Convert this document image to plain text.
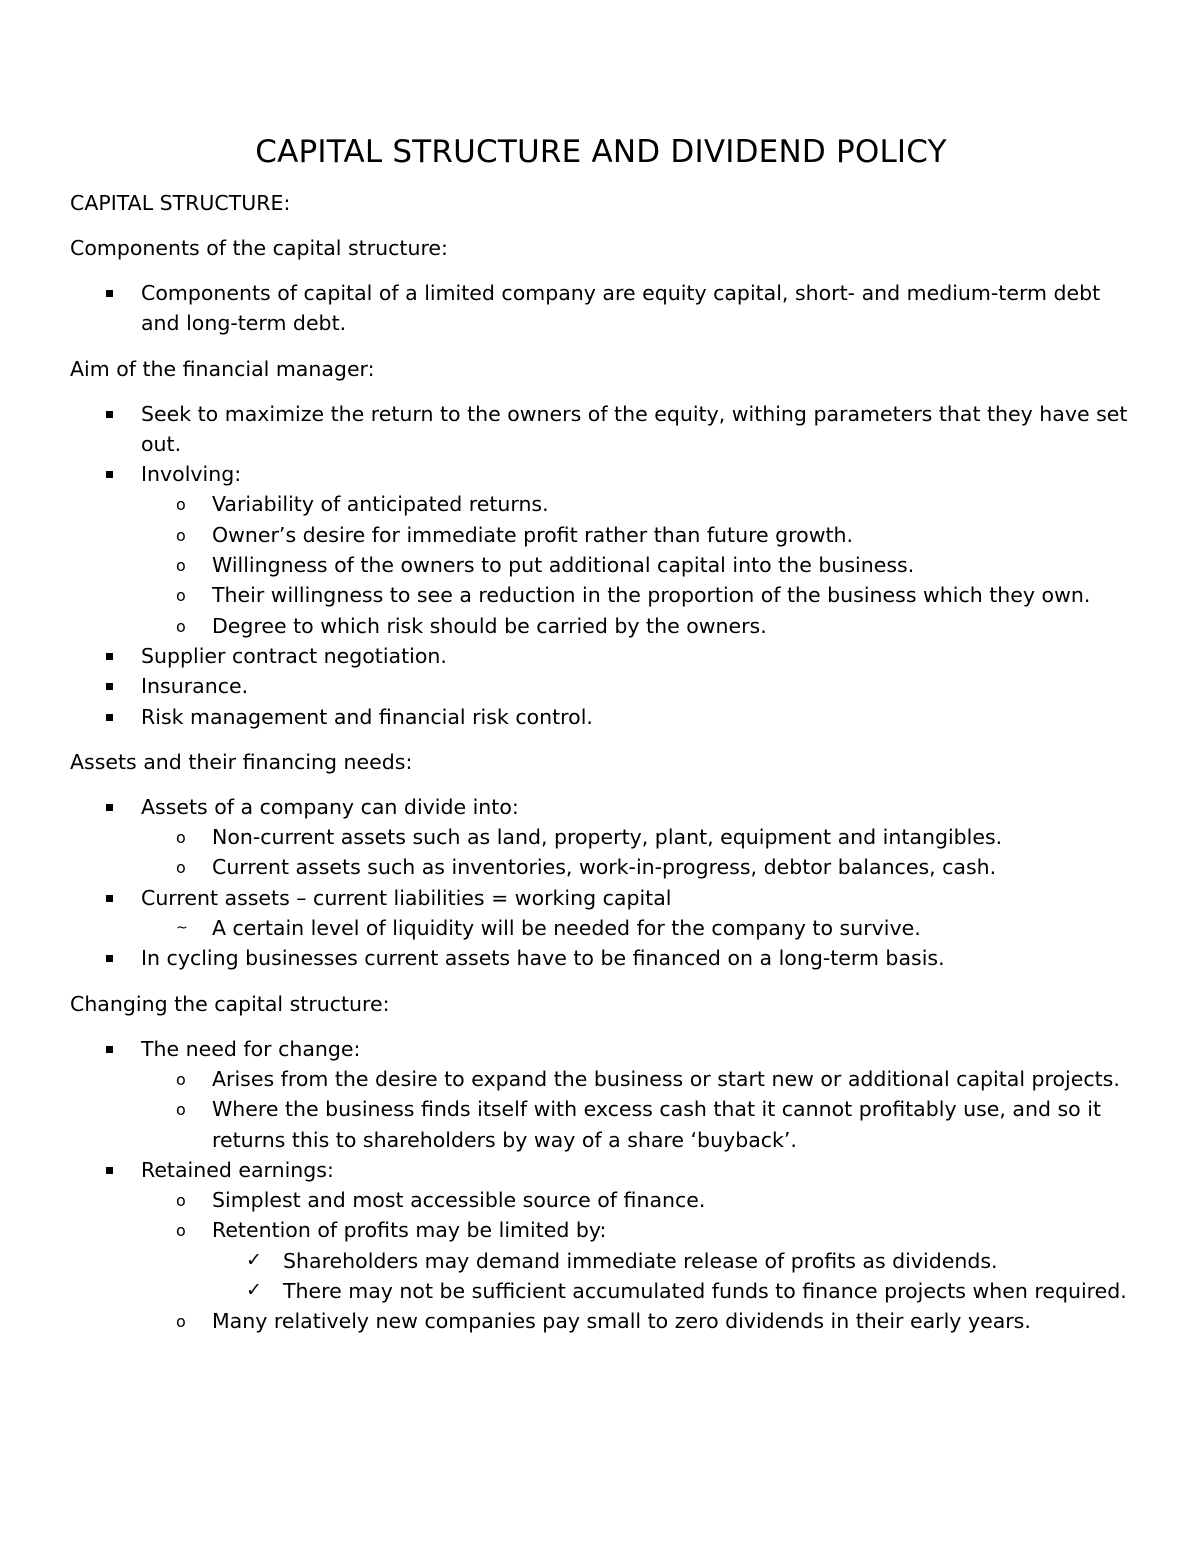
CAPITAL STRUCTURE AND DIVIDEND POLICY
CAPITAL STRUCTURE:
Components of the capital structure:
Components of capital of a limited company are equity capital, short- and medium-term debt and long-term debt.
Aim of the financial manager:
Seek to maximize the return to the owners of the equity, withing parameters that they have set out.
Involving:
o Variability of anticipated returns.
o Owner’s desire for immediate profit rather than future growth.
o Willingness of the owners to put additional capital into the business.
o Their willingness to see a reduction in the proportion of the business which they own.
o Degree to which risk should be carried by the owners.
Supplier contract negotiation.
Insurance.
Risk management and financial risk control.
Assets and their financing needs:
Assets of a company can divide into:
o Non-current assets such as land, property, plant, equipment and intangibles.
o Current assets such as inventories, work-in-progress, debtor balances, cash.
Current assets – current liabilities = working capital
~ A certain level of liquidity will be needed for the company to survive.
In cycling businesses current assets have to be financed on a long-term basis.
Changing the capital structure:
The need for change:
o Arises from the desire to expand the business or start new or additional capital projects.
o Where the business finds itself with excess cash that it cannot profitably use, and so it returns this to shareholders by way of a share ‘buyback’.
Retained earnings:
o Simplest and most accessible source of finance.
o Retention of profits may be limited by:
✓ Shareholders may demand immediate release of profits as dividends.
✓ There may not be sufficient accumulated funds to finance projects when required.
o Many relatively new companies pay small to zero dividends in their early years.
